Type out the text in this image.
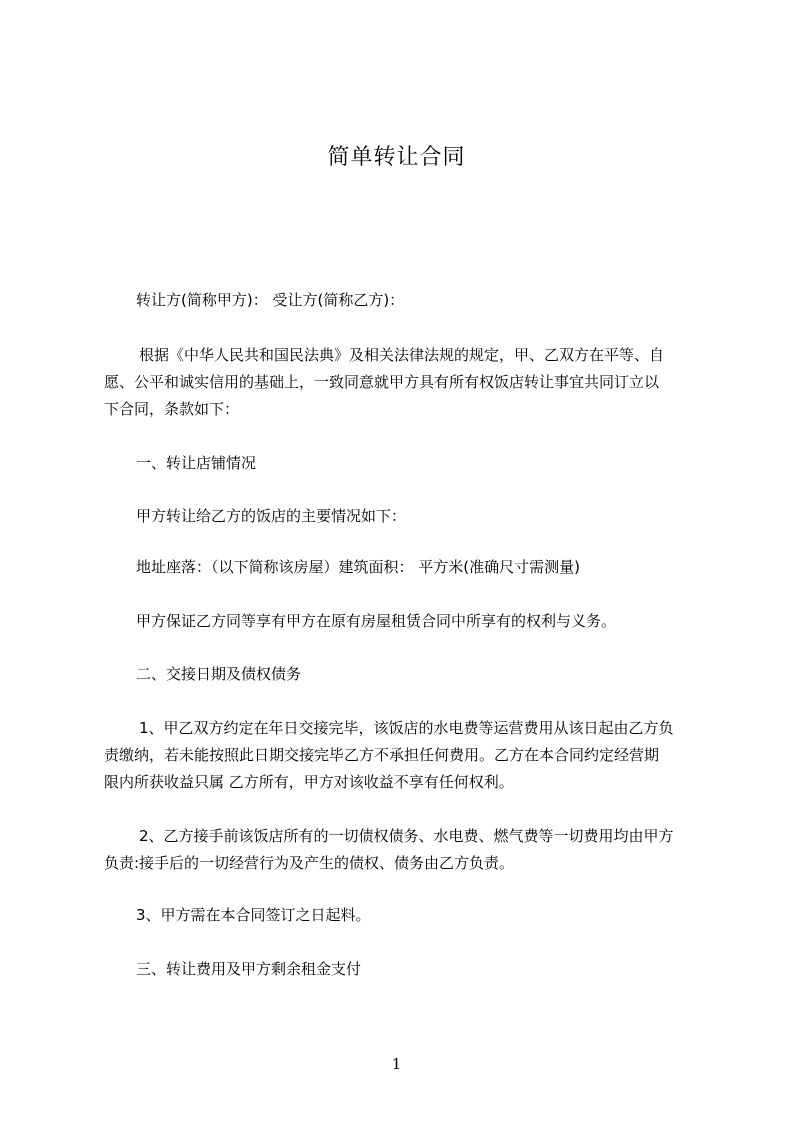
简单转让合同
转让方(简称甲方)： 受让方(简称乙方)：
根据《中华人民共和国民法典》及相关法律法规的规定，甲、乙双方在平等、自
愿、公平和诚实信用的基础上，一致同意就甲方具有所有权饭店转让事宜共同订立以
下合同，条款如下：
一、转让店铺情况
甲方转让给乙方的饭店的主要情况如下：
地址座落：（以下简称该房屋）建筑面积： 平方米(准确尺寸需测量)
甲方保证乙方同等享有甲方在原有房屋租赁合同中所享有的权利与义务。
二、交接日期及债权债务
1、甲乙双方约定在年日交接完毕，该饭店的水电费等运营费用从该日起由乙方负
责缴纳，若未能按照此日期交接完毕乙方不承担任何费用。乙方在本合同约定经营期
限内所获收益只属 乙方所有，甲方对该收益不享有任何权利。
2、乙方接手前该饭店所有的一切债权债务、水电费、燃气费等一切费用均由甲方
负责:接手后的一切经营行为及产生的债权、债务由乙方负责。
3、甲方需在本合同签订之日起料。
三、转让费用及甲方剩余租金支付
1
